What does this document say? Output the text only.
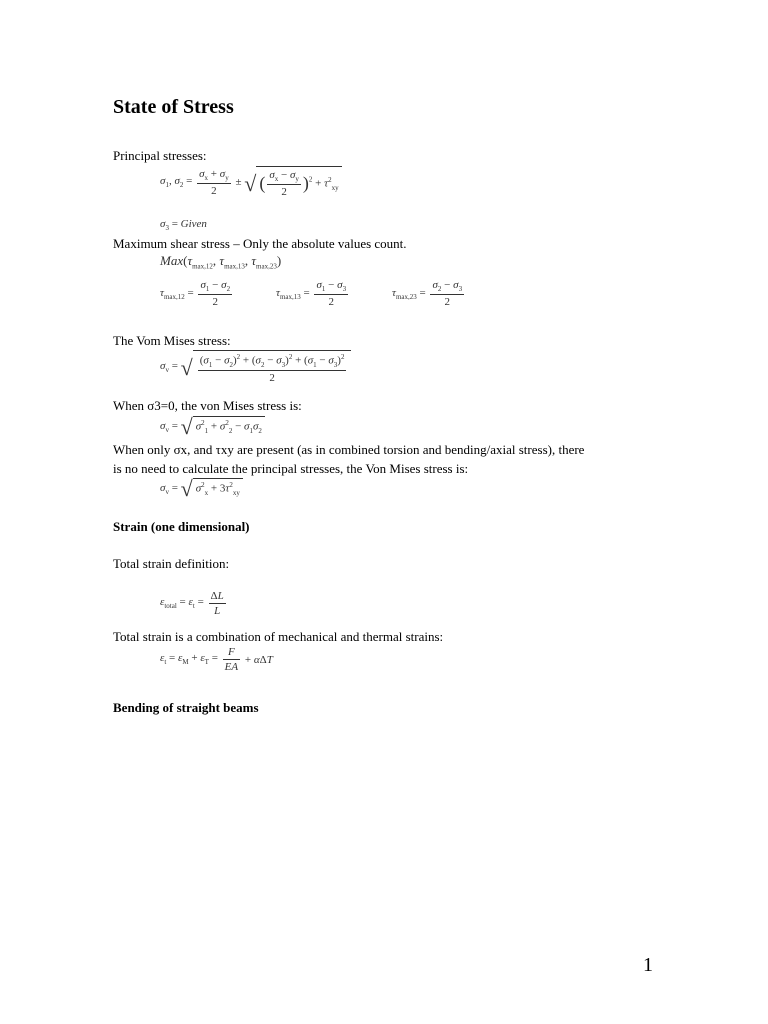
State of Stress
Principal stresses:
$\sigma_1$, $\sigma_2 = \frac{\sigma_x + \sigma_y}{2}$ ± √ ( $\frac{\sigma_x - \sigma_y}{2} )^2 + \tau^2_{xy}$
$\sigma_3$ = Given
Maximum shear stress – Only the absolute values count.
$Max(\tau_{max,12}$, $\tau_{max,13}$, $\tau_{max,23}$)
$\tau_{max,12} = \frac{\sigma_1 - \sigma_2}{2}$	$\tau_{max,13} = \frac{\sigma_1 - \sigma_3}{2}$	$\tau_{max,23} = \frac{\sigma_2 - \sigma_3}{2}$
The Vom Mises stress:
$\sigma_v$ = √ $\frac{(\sigma_1 - \sigma_2)^2 + (\sigma_2 - \sigma_3)^2 + (\sigma_1 - \sigma_3)^2}{2}$
When σ3=0, the von Mises stress is:
$\sigma_v$ = √ $\sigma^2_1 + \sigma^2_2 - \sigma_1\sigma_2$
When only σx, and τxy are present (as in combined torsion and bending/axial stress), there
is no need to calculate the principal stresses, the Von Mises stress is:
$\sigma_v$ = √ $\sigma^2_x + 3\tau^2_{xy}$
Strain (one dimensional)
Total strain definition:
$\varepsilon_{total} = \varepsilon_t = \frac{\Delta L}{L}$
Total strain is a combination of mechanical and thermal strains:
$\varepsilon_t = \varepsilon_M + \varepsilon_T = \frac{F}{EA} + \alpha\Delta T$
Bending of straight beams
1
